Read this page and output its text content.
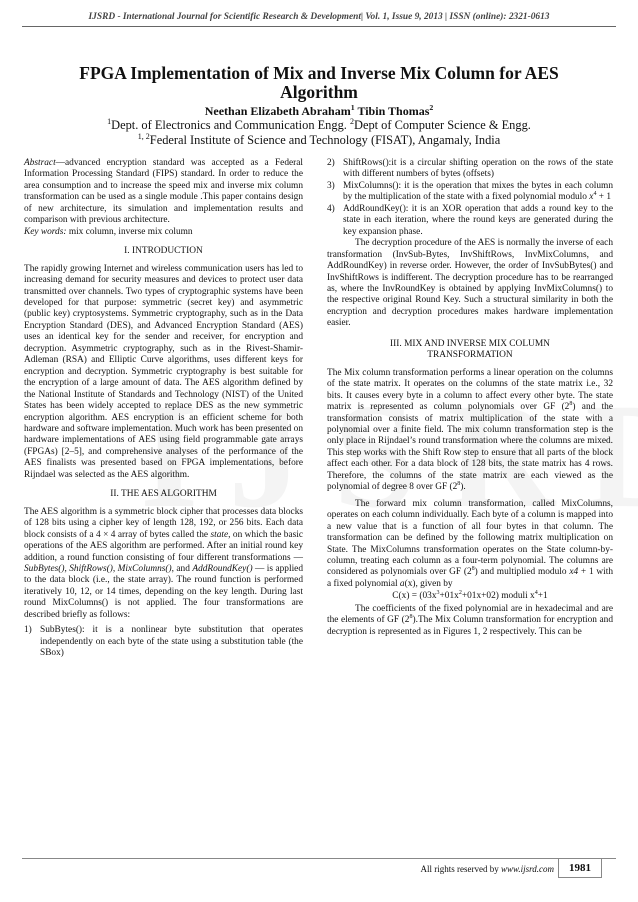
IJSRD - International Journal for Scientific Research & Development| Vol. 1, Issue 9, 2013 | ISSN (online): 2321-0613
FPGA Implementation of Mix and Inverse Mix Column for AES Algorithm
Neethan Elizabeth Abraham$^1$ Tibin Thomas$^2$
$^1$Dept. of Electronics and Communication Engg. $^2$Dept of Computer Science & Engg.
$^{1, 2}$Federal Institute of Science and Technology (FISAT), Angamaly, India

Abstract—advanced encryption standard was accepted as a Federal Information Processing Standard (FIPS) standard. In order to reduce the area consumption and to increase the speed mix and inverse mix column transformation can be used as a single module .This paper contains design of new architecture, its simulation and implementation results and comparison with previous architecture.

Key words: mix column, inverse mix column

I. INTRODUCTION

The rapidly growing Internet and wireless communication users has led to increasing demand for security measures and devices to protect user data transmitted over channels. Two types of cryptographic systems have been developed for that purpose: symmetric (secret key) and asymmetric (public key) cryptosystems. Symmetric cryptography, such as in the Data Encryption Standard (DES), and Advanced Encryption Standard (AES) uses an identical key for the sender and receiver, for encryption and decryption. Asymmetric cryptography, such as in the Rivest-Shamir-Adleman (RSA) and Elliptic Curve algorithms, uses different keys for encryption and decryption. Symmetric cryptography is best suitable for the encryption of a large amount of data. The AES algorithm defined by the National Institute of Standards and Technology (NIST) of the United States has been widely accepted to replace DES as the new symmetric encryption algorithm. AES encryption is an efficient scheme for both hardware and software implementation. Much work has been presented on hardware implementations of AES using field programmable gate arrays (FPGAs) [2–5], and comprehensive analyses of the performance of the AES finalists was presented based on FPGA implementations, before Rijndael was selected as the AES algorithm.

II. THE AES ALGORITHM

The AES algorithm is a symmetric block cipher that processes data blocks of 128 bits using a cipher key of length 128, 192, or 256 bits. Each data block consists of a 4 × 4 array of bytes called the state, on which the basic operations of the AES algorithm are performed. After an initial round key addition, a round function consisting of four different transformations — SubBytes(), ShiftRows(), MixColumns(), and AddRoundKey() — is applied to the data block (i.e., the state array). The round function is performed iteratively 10, 12, or 14 times, depending on the key length. During last round MixColumns() is not applied. The four transformations are described briefly as follows:

1) SubBytes(): it is a nonlinear byte substitution that operates independently on each byte of the state using a substitution table (the SBox)
2) ShiftRows():it is a circular shifting operation on the rows of the state with different numbers of bytes (offsets)
3) MixColumns(): it is the operation that mixes the bytes in each column by the multiplication of the state with a fixed polynomial modulo $x^4 + 1$
4) AddRoundKey(): it is an XOR operation that adds a round key to the state in each iteration, where the round keys are generated during the key expansion phase.

The decryption procedure of the AES is normally the inverse of each transformation (InvSub-Bytes, InvShiftRows, InvMixColumns, and AddRoundKey) in reverse order. However, the order of InvSubBytes() and InvShiftRows is indifferent. The decryption procedure has to be rearranged as, where the InvRoundKey is obtained by applying InvMixColumns() to the respective original Round Key. Such a structural similarity in both the encryption and decryption procedures makes hardware implementation easier.

III. MIX AND INVERSE MIX COLUMN
TRANSFORMATION

The Mix column transformation performs a linear operation on the columns of the state matrix. It operates on the columns of the state matrix i.e., 32 bits. It causes every byte in a column to affect every other byte. The state matrix is represented as column polynomials over GF $(2^8)$ and the transformation consists of matrix multiplication of the state with a polynomial over a finite field. The mix column transformation step is the only place in Rijndael’s round transformation where the columns are mixed. This step works with the Shift Row step to ensure that all parts of the block affect each other. For a data block of 128 bits, the state matrix has 4 rows. Therefore, the columns of the state matrix are each viewed as the polynomial of degree 8 over GF $(2^8)$.

The forward mix column transformation, called MixColumns, operates on each column individually. Each byte of a column is mapped into a new value that is a function of all four bytes in that column. The transformation can be defined by the following matrix multiplication on State. The MixColumns transformation operates on the State column-by-column, treating each column as a four-term polynomial. The columns are considered as polynomials over GF $(2^8)$ and multiplied modulo x4 + 1 with a fixed polynomial a(x), given by

$C(x) = (03x^3+01x^2+01x+02)$ moduli $x^4+1$

The coefficients of the fixed polynomial are in hexadecimal and are the elements of GF $(2^8).The$ Mix Column transformation for encryption and decryption is represented as in Figures 1, 2 respectively. This can be

All rights reserved by www.ijsrd.com	1981
